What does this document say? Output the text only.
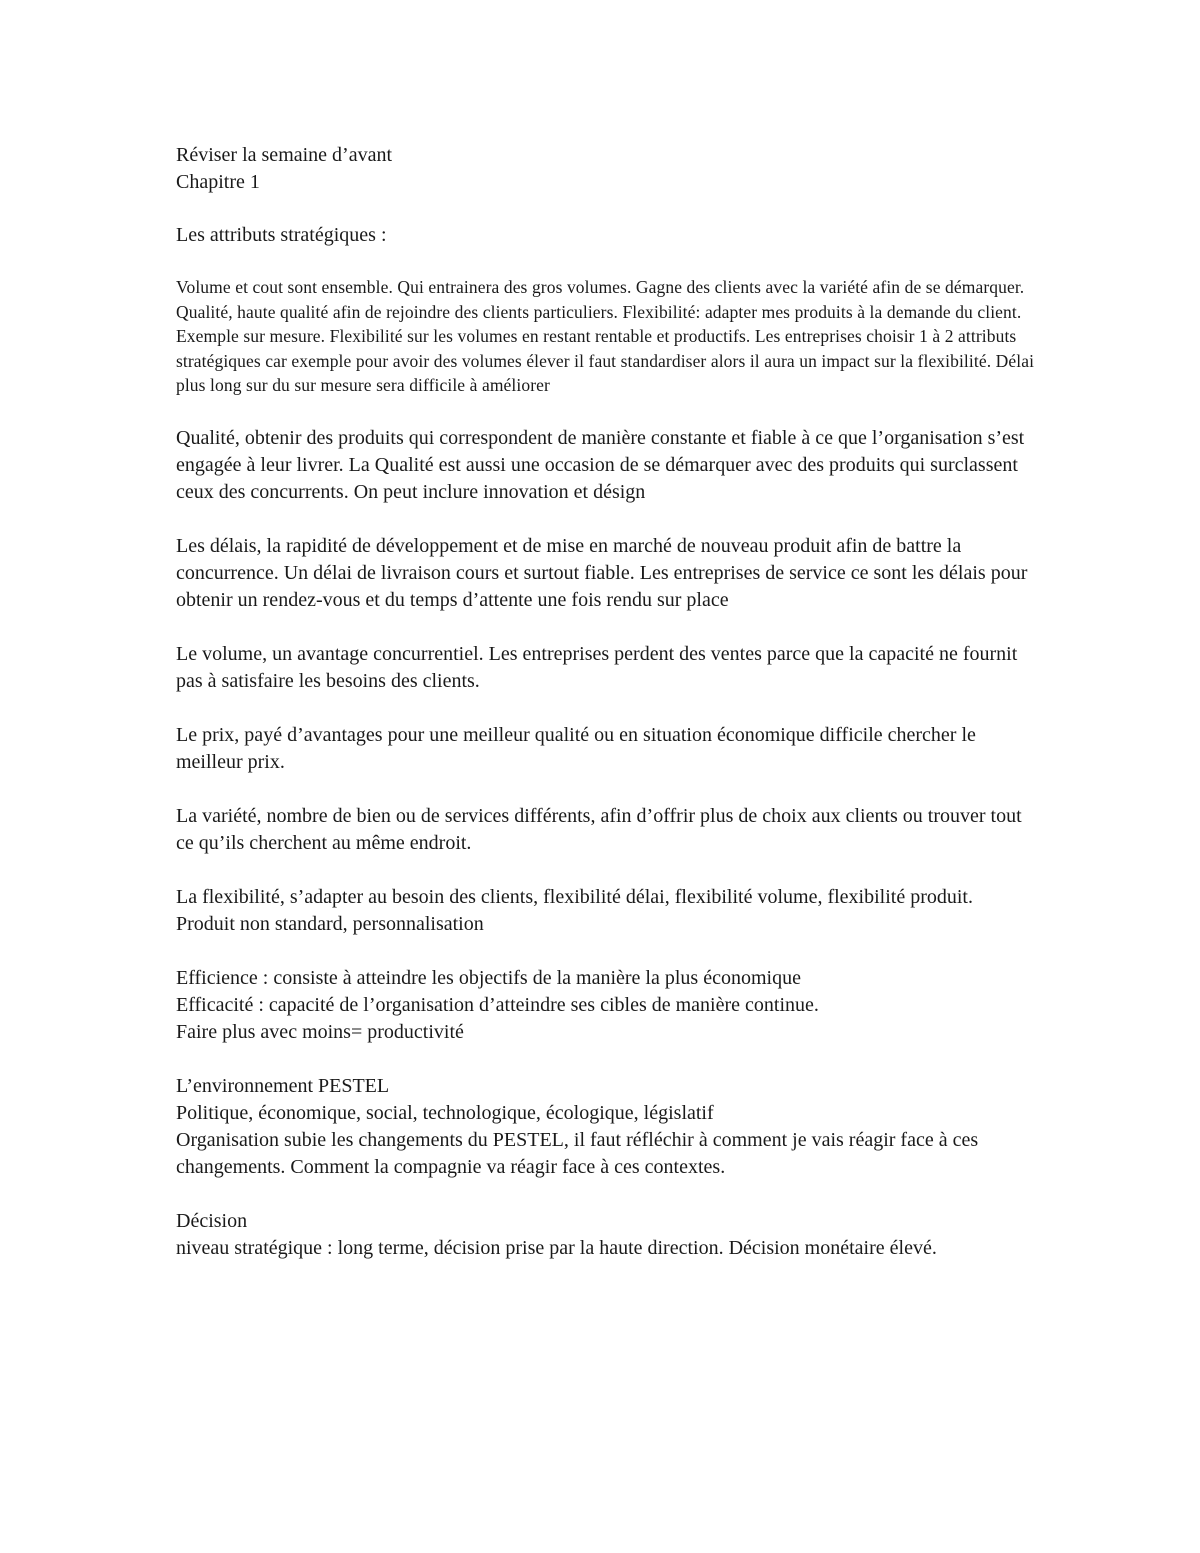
Réviser la semaine d’avant
Chapitre 1
Les attributs stratégiques :

Volume et cout sont ensemble. Qui entrainera des gros volumes. Gagne des clients avec la variété afin de se démarquer. Qualité, haute qualité afin de rejoindre des clients particuliers. Flexibilité: adapter mes produits à la demande du client. Exemple sur mesure. Flexibilité sur les volumes en restant rentable et productifs. Les entreprises choisir 1 à 2 attributs stratégiques car exemple pour avoir des volumes élever il faut standardiser alors il aura un impact sur la flexibilité. Délai plus long sur du sur mesure sera difficile à améliorer

Qualité, obtenir des produits qui correspondent de manière constante et fiable à ce que l’organisation s’est engagée à leur livrer. La Qualité est aussi une occasion de se démarquer avec des produits qui surclassent ceux des concurrents. On peut inclure innovation et désign

Les délais, la rapidité de développement et de mise en marché de nouveau produit afin de battre la concurrence. Un délai de livraison cours et surtout fiable. Les entreprises de service ce sont les délais pour obtenir un rendez-vous et du temps d’attente une fois rendu sur place

Le volume, un avantage concurrentiel. Les entreprises perdent des ventes parce que la capacité ne fournit pas à satisfaire les besoins des clients.

Le prix, payé d’avantages pour une meilleur qualité ou en situation économique difficile chercher le meilleur prix.

La variété, nombre de bien ou de services différents, afin d’offrir plus de choix aux clients ou trouver tout ce qu’ils cherchent au même endroit.

La flexibilité, s’adapter au besoin des clients, flexibilité délai, flexibilité volume, flexibilité produit. Produit non standard, personnalisation

Efficience : consiste à atteindre les objectifs de la manière la plus économique
Efficacité : capacité de l’organisation d’atteindre ses cibles de manière continue.
Faire plus avec moins= productivité
L’environnement PESTEL
Politique, économique, social, technologique, écologique, législatif

Organisation subie les changements du PESTEL, il faut réfléchir à comment je vais réagir face à ces changements. Comment la compagnie va réagir face à ces contextes.

Décision

niveau stratégique : long terme, décision prise par la haute direction. Décision monétaire élevé.
